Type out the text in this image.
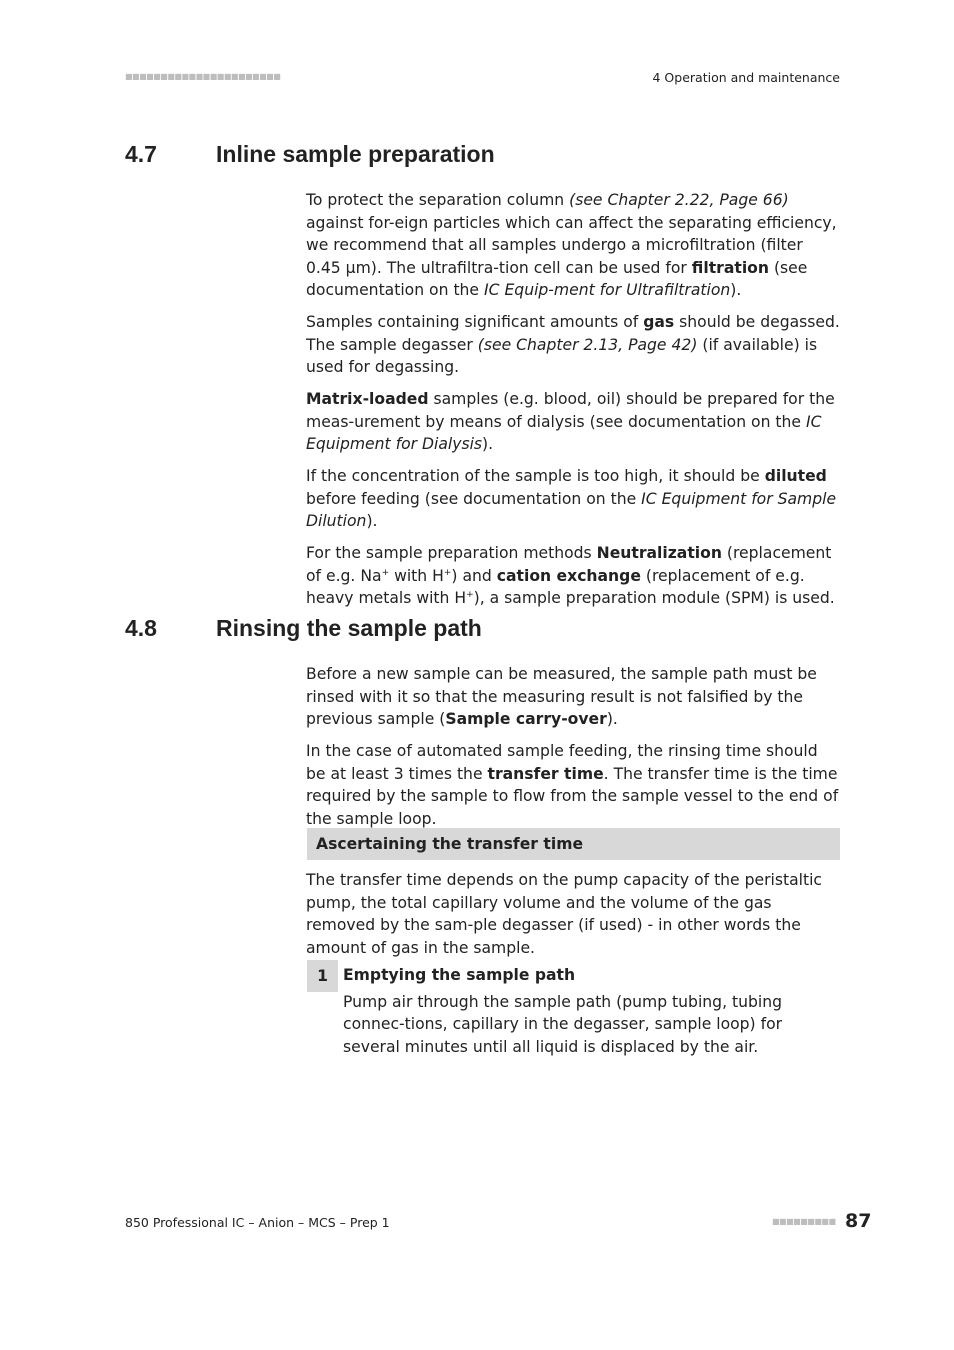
■■■■■■■■■■■■■■■■■■■■■■	4 Operation and maintenance
4.7	Inline sample preparation

To protect the separation column (see Chapter 2.22, Page 66) against for-eign particles which can affect the separating efficiency, we recommend that all samples undergo a microfiltration (filter 0.45 µm). The ultrafiltra-tion cell can be used for filtration (see documentation on the IC Equip-ment for Ultrafiltration).

Samples containing significant amounts of gas should be degassed. The sample degasser (see Chapter 2.13, Page 42) (if available) is used for degassing.

Matrix-loaded samples (e.g. blood, oil) should be prepared for the meas-urement by means of dialysis (see documentation on the IC Equipment for Dialysis).

If the concentration of the sample is too high, it should be diluted before feeding (see documentation on the IC Equipment for Sample Dilution).

For the sample preparation methods Neutralization (replacement of e.g. Na+ with H+) and cation exchange (replacement of e.g. heavy metals with H+), a sample preparation module (SPM) is used.

4.8	Rinsing the sample path

Before a new sample can be measured, the sample path must be rinsed with it so that the measuring result is not falsified by the previous sample (Sample carry-over).

In the case of automated sample feeding, the rinsing time should be at least 3 times the transfer time. The transfer time is the time required by the sample to flow from the sample vessel to the end of the sample loop.

Ascertaining the transfer time

The transfer time depends on the pump capacity of the peristaltic pump, the total capillary volume and the volume of the gas removed by the sam-ple degasser (if used) - in other words the amount of gas in the sample.

1 Emptying the sample path
Pump air through the sample path (pump tubing, tubing connec-tions, capillary in the degasser, sample loop) for several minutes until all liquid is displaced by the air.
850 Professional IC – Anion – MCS – Prep 1	■■■■■■■■■ 87
